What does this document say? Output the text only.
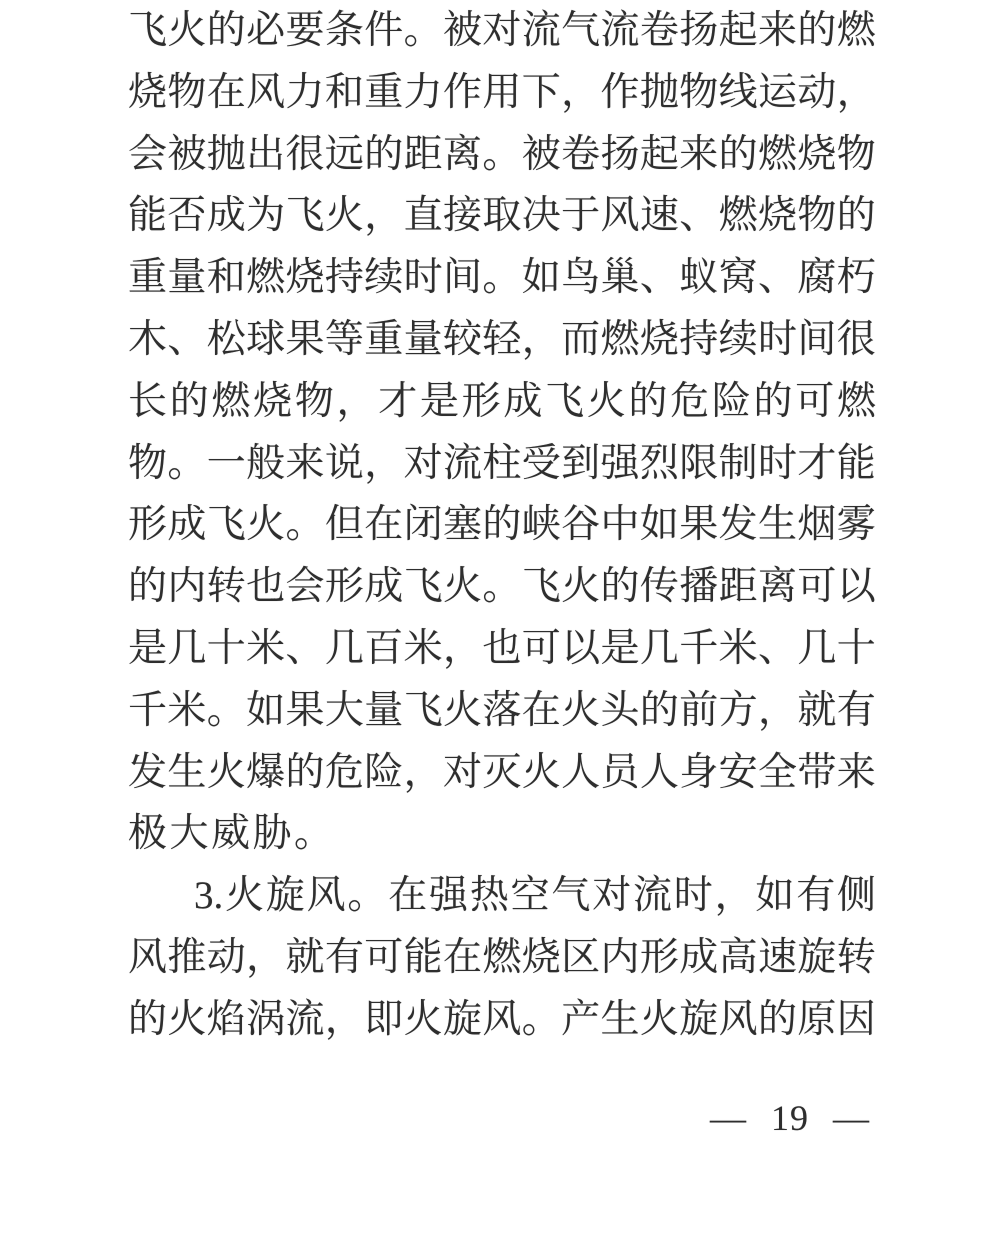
飞 火 的 必 要 条 件 。 被 对 流 气 流 卷 扬 起 来 的 燃
烧 物 在 风 力 和 重 力 作 用 下 ， 作 抛 物 线 运 动 ，
会 被 抛 出 很 远 的 距 离 。 被 卷 扬 起 来 的 燃 烧 物
能 否 成 为 飞 火 ， 直 接 取 决 于 风 速 、 燃 烧 物 的
重 量 和 燃 烧 持 续 时 间 。 如 鸟 巢 、 蚁 窝 、 腐 朽
木 、 松 球 果 等 重 量 较 轻 ， 而 燃 烧 持 续 时 间 很
长 的 燃 烧 物 ， 才 是 形 成 飞 火 的 危 险 的 可 燃
物 。 一 般 来 说 ， 对 流 柱 受 到 强 烈 限 制 时 才 能
形 成 飞 火 。 但 在 闭 塞 的 峡 谷 中 如 果 发 生 烟 雾
的 内 转 也 会 形 成 飞 火 。 飞 火 的 传 播 距 离 可 以
是 几 十 米 、 几 百 米 ， 也 可 以 是 几 千 米 、 几 十
千 米 。 如 果 大 量 飞 火 落 在 火 头 的 前 方 ， 就 有
发 生 火 爆 的 危 险 ， 对 灭 火 人 员 人 身 安 全 带 来
极大威胁。
3. 火 旋 风 。 在 强 热 空 气 对 流 时 ， 如 有 侧
风 推 动 ， 就 有 可 能 在 燃 烧 区 内 形 成 高 速 旋 转
的 火 焰 涡 流 ， 即 火 旋 风 。 产 生 火 旋 风 的 原 因
— 19 —
